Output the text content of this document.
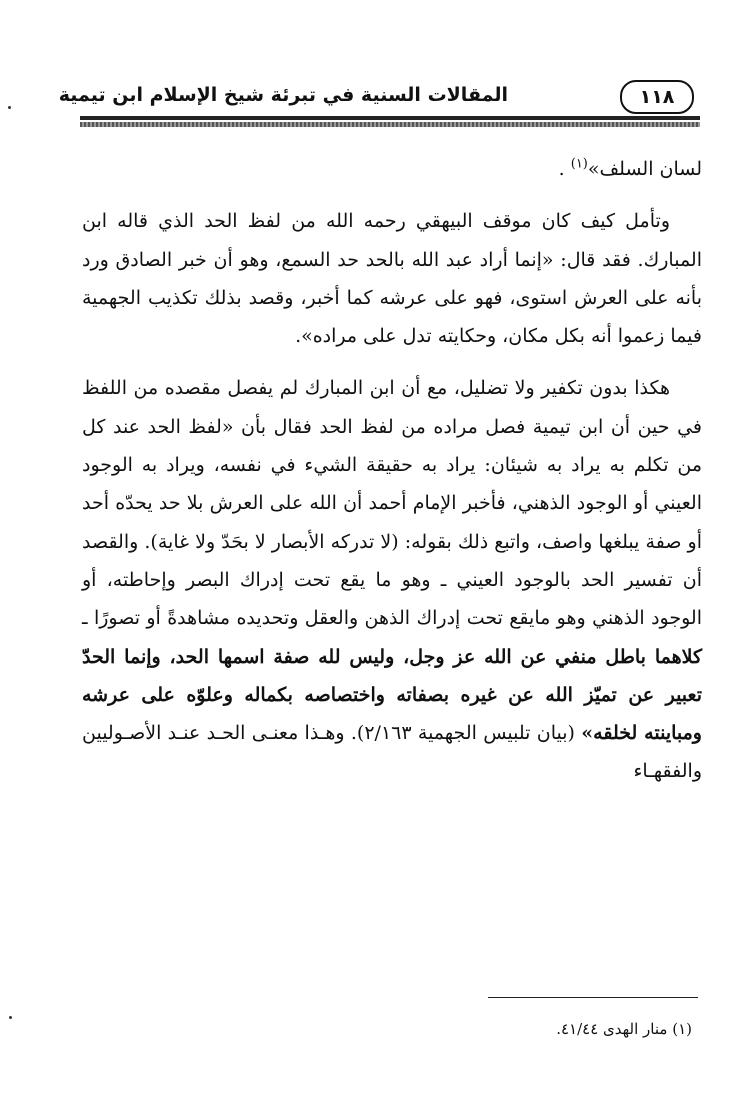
المقالات السنية في تبرئة شيخ الإسلام ابن تيمية	١١٨

لسان السلف»$^{(١)}$ .

وتأمل كيف كان موقف البيهقي رحمه الله من لفظ الحد الذي قاله ابن المبارك. فقد قال: «إنما أراد عبد الله بالحد حد السمع، وهو أن خبر الصادق ورد بأنه على العرش استوى، فهو على عرشه كما أخبر، وقصد بذلك تكذيب الجهمية فيما زعموا أنه بكل مكان، وحكايته تدل على مراده».

هكذا بدون تكفير ولا تضليل، مع أن ابن المبارك لم يفصل مقصده من اللفظ في حين أن ابن تيمية فصل مراده من لفظ الحد فقال بأن «لفظ الحد عند كل من تكلم به يراد به شيئان: يراد به حقيقة الشيء في نفسه، ويراد به الوجود العيني أو الوجود الذهني، فأخبر الإمام أحمد أن الله على العرش بلا حد يحدّه أحد أو صفة يبلغها واصف، واتبع ذلك بقوله: (لا تدركه الأبصار لا بحَدّ ولا غاية). والقصد أن تفسير الحد بالوجود العيني ـ وهو ما يقع تحت إدراك البصر وإحاطته، أو الوجود الذهني وهو مايقع تحت إدراك الذهن والعقل وتحديده مشاهدةً أو تصورًا ـ كلاهما باطل منفي عن الله عز وجل، وليس لله صفة اسمها الحد، وإنما الحدّ تعبير عن تميّز الله عن غيره بصفاته واختصاصه بكماله وعلوّه على عرشه ومباينته لخلقه» (بيان تلبيس الجهمية ٢/١٦٣). وهـذا معنـى الحـد عنـد الأصـوليين والفقهـاء

(١) منار الهدى ٤١/٤٤.
